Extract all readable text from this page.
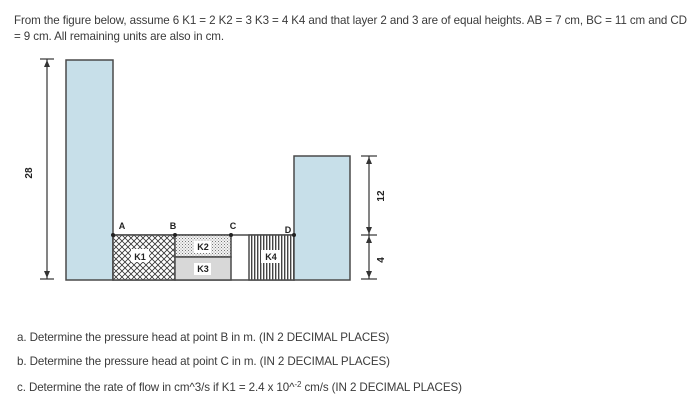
From the figure below, assume 6 K1 = 2 K2 = 3 K3 = 4 K4 and that layer 2 and 3 are of equal heights. AB = 7 cm, BC = 11 cm and CD = 9 cm. All remaining units are also in cm.
28
K1
K2
K3
K4
A	B	C	D
12
4
a. Determine the pressure head at point B in m. (IN 2 DECIMAL PLACES)
b. Determine the pressure head at point C in m. (IN 2 DECIMAL PLACES)
c. Determine the rate of flow in cm^3/s if K1 = 2.4 x 10^$^{-2}$ cm/s (IN 2 DECIMAL PLACES)
